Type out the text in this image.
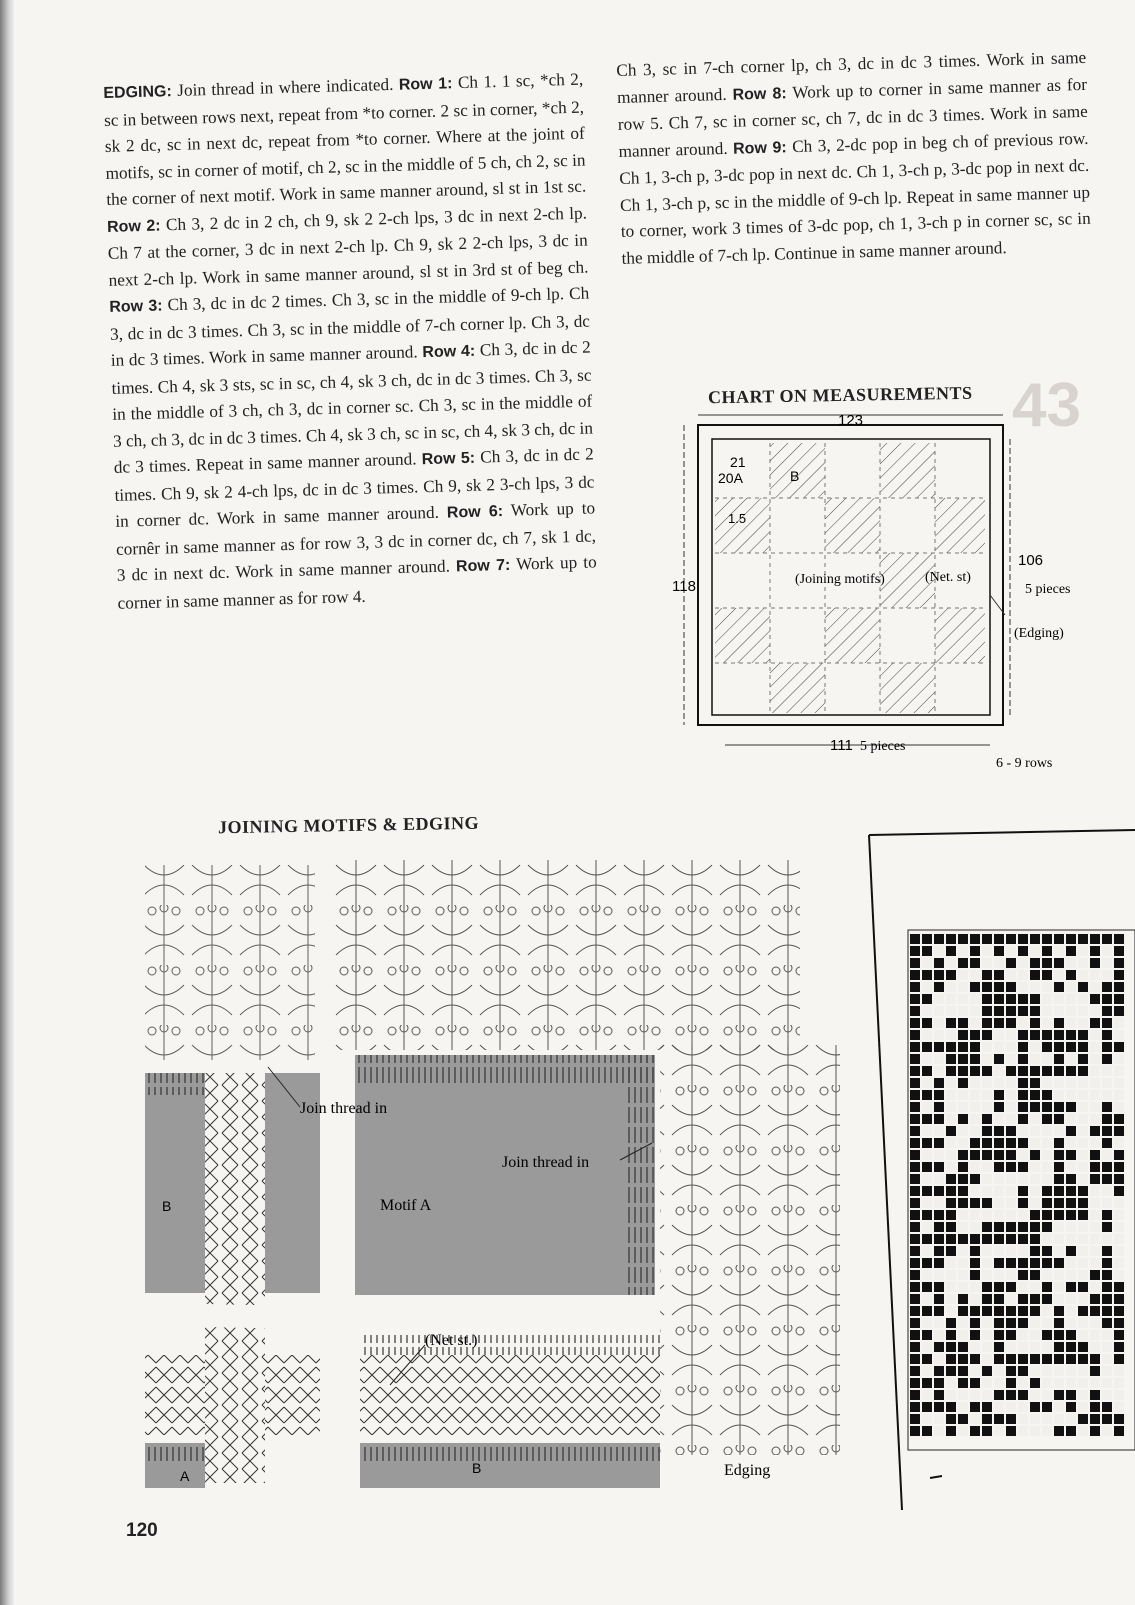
43

EDGING: Join thread in where indicated. Row 1: Ch 1. 1 sc, *ch 2, sc in between rows next, repeat from *to corner. 2 sc in corner, *ch 2, sk 2 dc, sc in next dc, repeat from *to corner. Where at the joint of motifs, sc in corner of motif, ch 2, sc in the middle of 5 ch, ch 2, sc in the corner of next motif. Work in same manner around, sl st in 1st sc. Row 2: Ch 3, 2 dc in 2 ch, ch 9, sk 2 2-ch lps, 3 dc in next 2-ch lp. Ch 7 at the corner, 3 dc in next 2-ch lp. Ch 9, sk 2 2-ch lps, 3 dc in next 2-ch lp. Work in same manner around, sl st in 3rd st of beg ch. Row 3: Ch 3, dc in dc 2 times. Ch 3, sc in the middle of 9-ch lp. Ch 3, dc in dc 3 times. Ch 3, sc in the middle of 7-ch corner lp. Ch 3, dc in dc 3 times. Work in same manner around. Row 4: Ch 3, dc in dc 2 times. Ch 4, sk 3 sts, sc in sc, ch 4, sk 3 ch, dc in dc 3 times. Ch 3, sc in the middle of 3 ch, ch 3, dc in corner sc. Ch 3, sc in the middle of 3 ch, ch 3, dc in dc 3 times. Ch 4, sk 3 ch, sc in sc, ch 4, sk 3 ch, dc in dc 3 times. Repeat in same manner around. Row 5: Ch 3, dc in dc 2 times. Ch 9, sk 2 4-ch lps, dc in dc 3 times. Ch 9, sk 2 3-ch lps, 3 dc in corner dc. Work in same manner around. Row 6: Work up to cornêr in same manner as for row 3, 3 dc in corner dc, ch 7, sk 1 dc, 3 dc in next dc. Work in same manner around. Row 7: Work up to corner in same manner as for row 4.

Ch 3, sc in 7-ch corner lp, ch 3, dc in dc 3 times. Work in same manner around. Row 8: Work up to corner in same manner as for row 5. Ch 7, sc in corner sc, ch 7, dc in dc 3 times. Work in same manner around. Row 9: Ch 3, 2-dc pop in beg ch of previous row. Ch 1, 3-ch p, 3-dc pop in next dc. Ch 1, 3-ch p, 3-dc pop in next dc. Ch 1, 3-ch p, sc in the middle of 9-ch lp. Repeat in same manner up to corner, work 3 times of 3-dc pop, ch 1, 3-ch p in corner sc, sc in the middle of 7-ch lp. Continue in same manner around.

CHART ON MEASUREMENTS
123
118
106
5 pieces
111 5 pieces
6 - 9 rows
21
20A	B
1.5
(Joining motifs)	(Net. st)
(Edging)
JOINING MOTIFS & EDGING
Join thread in
Join thread in
B	Motif A
(Net st.)
A	B	Edging
120
